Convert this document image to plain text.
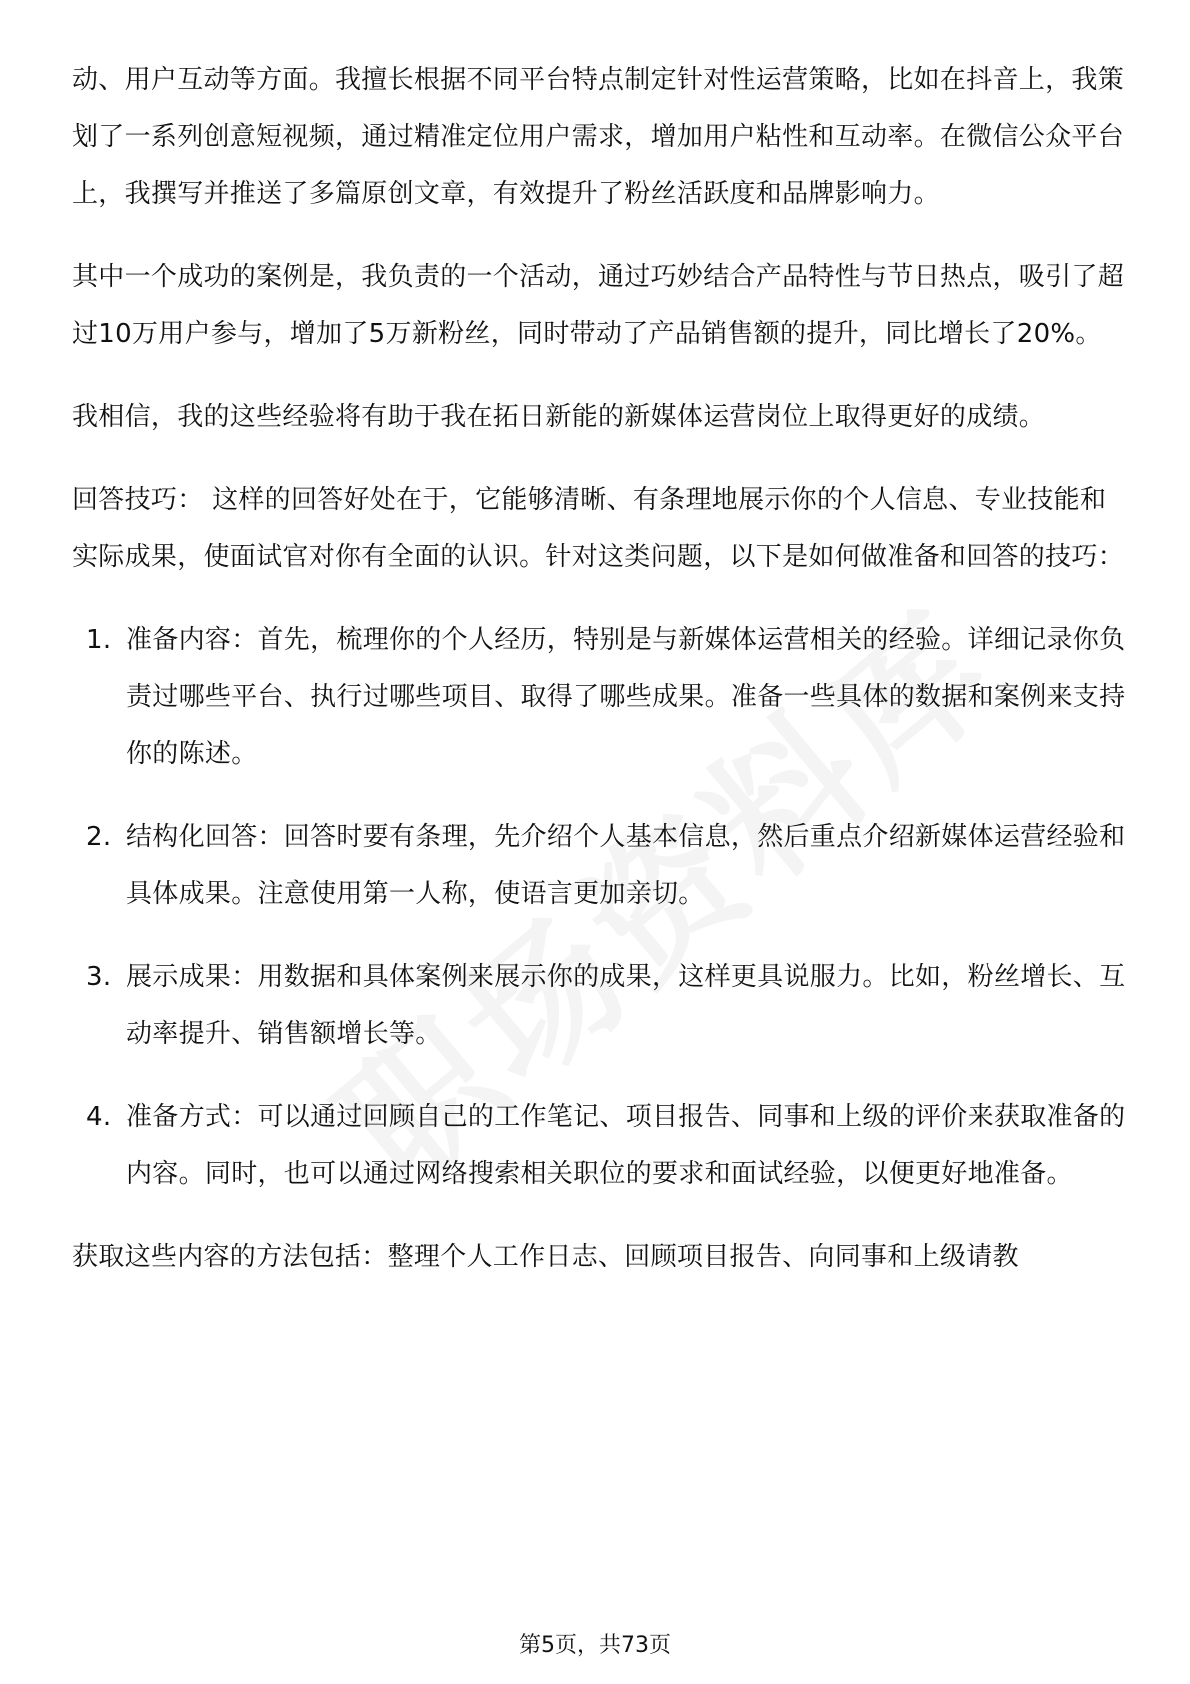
动、用户互动等方面。我擅长根据不同平台特点制定针对性运营策略，比如在抖音上，我策划了一系列创意短视频，通过精准定位用户需求，增加用户粘性和互动率。在微信公众平台上，我撰写并推送了多篇原创文章，有效提升了粉丝活跃度和品牌影响力。

其中一个成功的案例是，我负责的一个活动，通过巧妙结合产品特性与节日热点，吸引了超过10万用户参与，增加了5万新粉丝，同时带动了产品销售额的提升，同比增长了20%。

我相信，我的这些经验将有助于我在拓日新能的新媒体运营岗位上取得更好的成绩。

回答技巧： 这样的回答好处在于，它能够清晰、有条理地展示你的个人信息、专业技能和实际成果，使面试官对你有全面的认识。针对这类问题，以下是如何做准备和回答的技巧：

1. 准备内容：首先，梳理你的个人经历，特别是与新媒体运营相关的经验。详细记录你负责过哪些平台、执行过哪些项目、取得了哪些成果。准备一些具体的数据和案例来支持你的陈述。
2. 结构化回答：回答时要有条理，先介绍个人基本信息，然后重点介绍新媒体运营经验和具体成果。注意使用第一人称，使语言更加亲切。
3. 展示成果：用数据和具体案例来展示你的成果，这样更具说服力。比如，粉丝增长、互动率提升、销售额增长等。
4. 准备方式：可以通过回顾自己的工作笔记、项目报告、同事和上级的评价来获取准备的内容。同时，也可以通过网络搜索相关职位的要求和面试经验，以便更好地准备。

获取这些内容的方法包括：整理个人工作日志、回顾项目报告、向同事和上级请教

第5页，共73页
